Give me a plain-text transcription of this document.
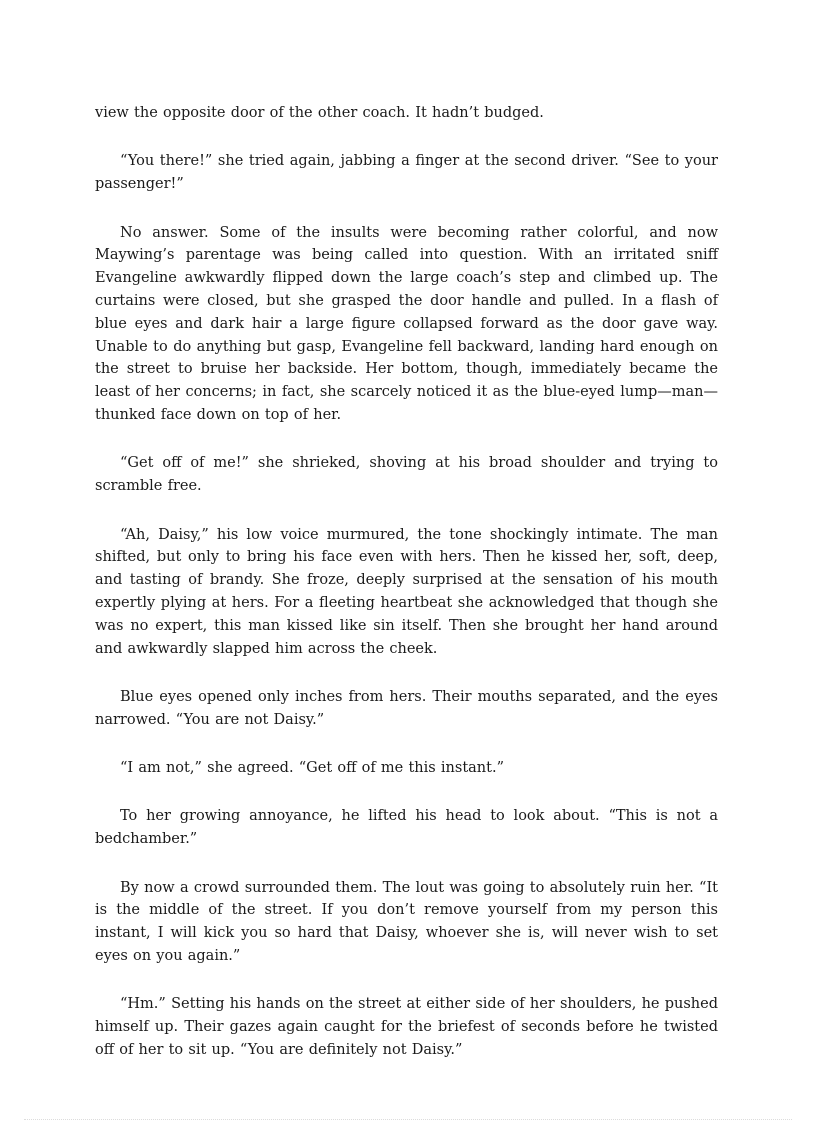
view the opposite door of the other coach. It hadn’t budged.

“You there!” she tried again, jabbing a finger at the second driver. “See to your passenger!”

No answer. Some of the insults were becoming rather colorful, and now Maywing’s parentage was being called into question. With an irritated sniff Evangeline awkwardly flipped down the large coach’s step and climbed up. The curtains were closed, but she grasped the door handle and pulled. In a flash of blue eyes and dark hair a large figure collapsed forward as the door gave way. Unable to do anything but gasp, Evangeline fell backward, landing hard enough on the street to bruise her backside. Her bottom, though, immediately became the least of her concerns; in fact, she scarcely noticed it as the blue-eyed lump—man—thunked face down on top of her.

“Get off of me!” she shrieked, shoving at his broad shoulder and trying to scramble free.

“Ah, Daisy,” his low voice murmured, the tone shockingly intimate. The man shifted, but only to bring his face even with hers. Then he kissed her, soft, deep, and tasting of brandy. She froze, deeply surprised at the sensation of his mouth expertly plying at hers. For a fleeting heartbeat she acknowledged that though she was no expert, this man kissed like sin itself. Then she brought her hand around and awkwardly slapped him across the cheek.

Blue eyes opened only inches from hers. Their mouths separated, and the eyes narrowed. “You are not Daisy.”

“I am not,” she agreed. “Get off of me this instant.”

To her growing annoyance, he lifted his head to look about. “This is not a bedchamber.”

By now a crowd surrounded them. The lout was going to absolutely ruin her. “It is the middle of the street. If you don’t remove yourself from my person this instant, I will kick you so hard that Daisy, whoever she is, will never wish to set eyes on you again.”

“Hm.” Setting his hands on the street at either side of her shoulders, he pushed himself up. Their gazes again caught for the briefest of seconds before he twisted off of her to sit up. “You are definitely not Daisy.”
